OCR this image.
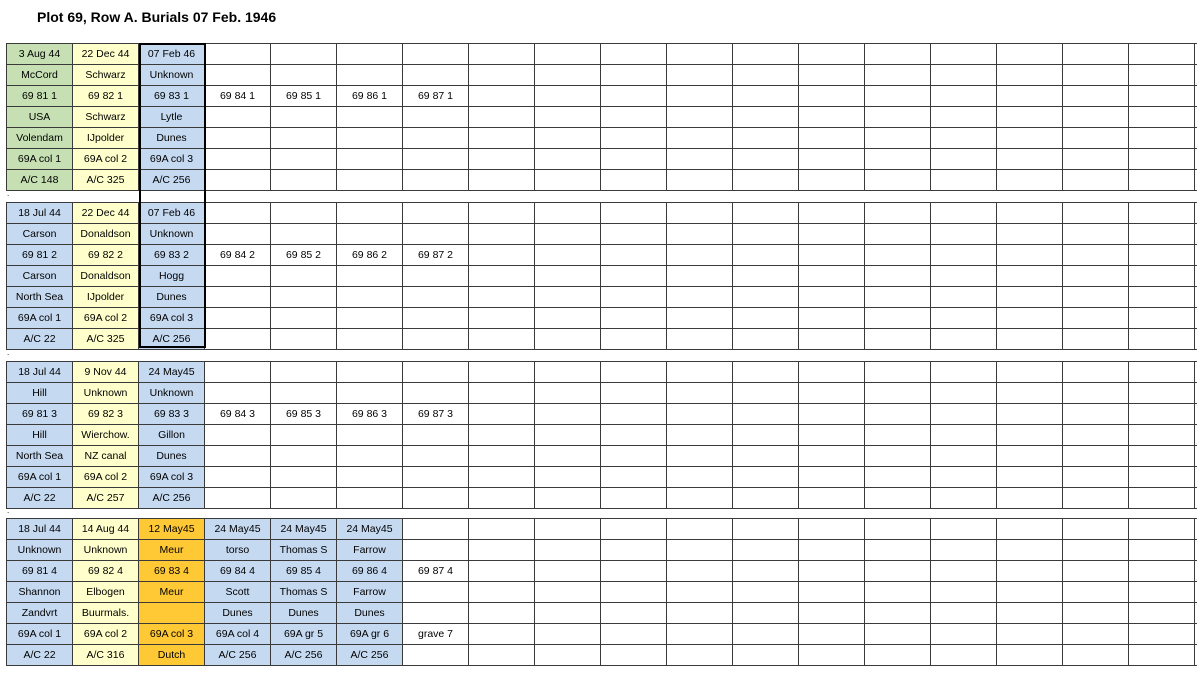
Plot 69, Row A. Burials 07 Feb. 1946
3 Aug 44	22 Dec 44	07 Feb 46																
McCord	Schwarz	Unknown																
69 81 1	69 82 1	69 83 1	69 84 1	69 85 1	69 86 1	69 87 1												
USA	Schwarz	Lytle																
Volendam	IJpolder	Dunes																
69A col 1	69A col 2	69A col 3																
A/C 148	A/C 325	A/C 256																
.
18 Jul 44	22 Dec 44	07 Feb 46																
Carson	Donaldson	Unknown																
69 81 2	69 82 2	69 83 2	69 84 2	69 85 2	69 86 2	69 87 2												
Carson	Donaldson	Hogg																
North Sea	IJpolder	Dunes																
69A col 1	69A col 2	69A col 3																
A/C 22	A/C 325	A/C 256																
.
18 Jul 44	9 Nov 44	24 May45																
Hill	Unknown	Unknown																
69 81 3	69 82 3	69 83 3	69 84 3	69 85 3	69 86 3	69 87 3												
Hill	Wierchow.	Gillon																
North Sea	NZ canal	Dunes																
69A col 1	69A col 2	69A col 3																
A/C 22	A/C 257	A/C 256																
.
18 Jul 44	14 Aug 44	12 May45	24 May45	24 May45	24 May45													
Unknown	Unknown	Meur	torso	Thomas S	Farrow													
69 81 4	69 82 4	69 83 4	69 84 4	69 85 4	69 86 4	69 87 4												
Shannon	Elbogen	Meur	Scott	Thomas S	Farrow													
Zandvrt	Buurmals.		Dunes	Dunes	Dunes													
69A col 1	69A col 2	69A col 3	69A col 4	69A gr 5	69A gr 6	grave 7												
A/C 22	A/C 316	Dutch	A/C 256	A/C 256	A/C 256													
